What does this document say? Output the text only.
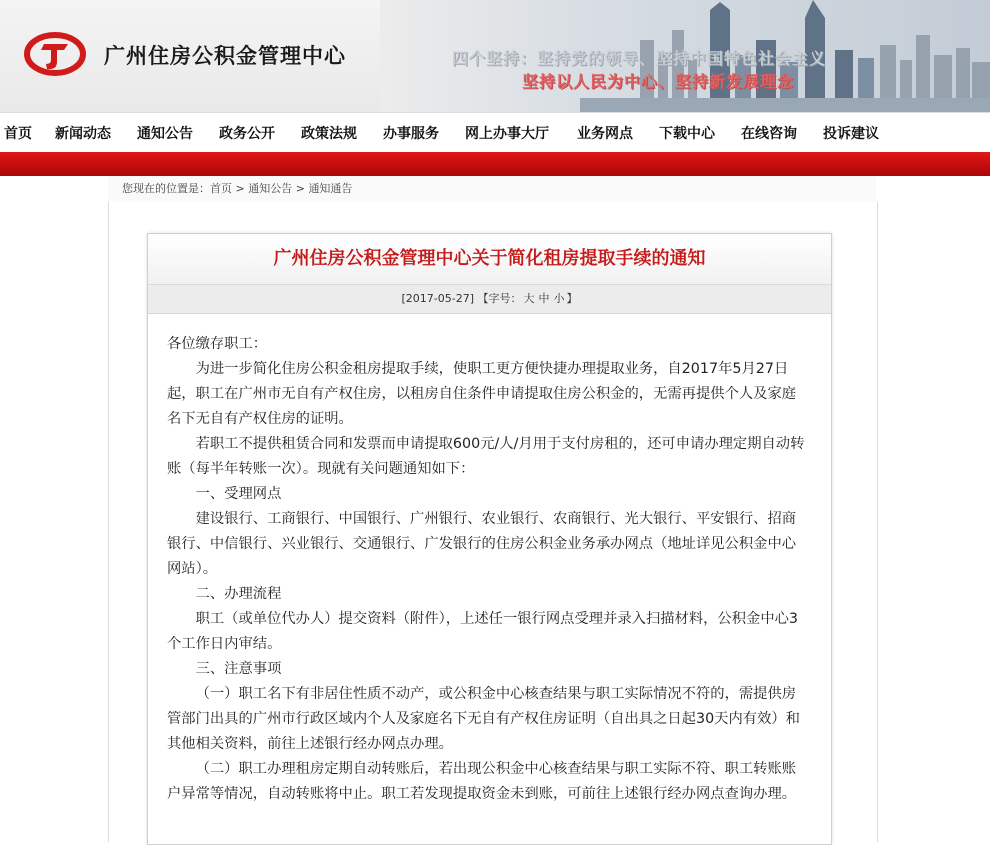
广州住房公积金管理中心	四个坚持：坚持党的领导、坚持中国特色社会主义
坚持以人民为中心、坚持新发展理念
首页 新闻动态 通知公告 政务公开 政策法规 办事服务 网上办事大厅 业务网点 下载中心 在线咨询 投诉建议
您现在的位置是：首页 > 通知公告 > 通知通告
广州住房公积金管理中心关于简化租房提取手续的通知
[2017-05-27] 【字号： 大 中 小 】

各位缴存职工：

为进一步简化住房公积金租房提取手续，使职工更方便快捷办理提取业务，自2017年5月27日起，职工在广州市无自有产权住房，以租房自住条件申请提取住房公积金的，无需再提供个人及家庭名下无自有产权住房的证明。

若职工不提供租赁合同和发票而申请提取600元/人/月用于支付房租的，还可申请办理定期自动转账（每半年转账一次）。现就有关问题通知如下：

一、受理网点

建设银行、工商银行、中国银行、广州银行、农业银行、农商银行、光大银行、平安银行、招商银行、中信银行、兴业银行、交通银行、广发银行的住房公积金业务承办网点（地址详见公积金中心网站）。

二、办理流程

职工（或单位代办人）提交资料（附件），上述任一银行网点受理并录入扫描材料，公积金中心3个工作日内审结。

三、注意事项

（一）职工名下有非居住性质不动产，或公积金中心核查结果与职工实际情况不符的，需提供房管部门出具的广州市行政区域内个人及家庭名下无自有产权住房证明（自出具之日起30天内有效）和其他相关资料，前往上述银行经办网点办理。

（二）职工办理租房定期自动转账后，若出现公积金中心核查结果与职工实际不符、职工转账账户异常等情况，自动转账将中止。职工若发现提取资金未到账，可前往上述银行经办网点查询办理。
